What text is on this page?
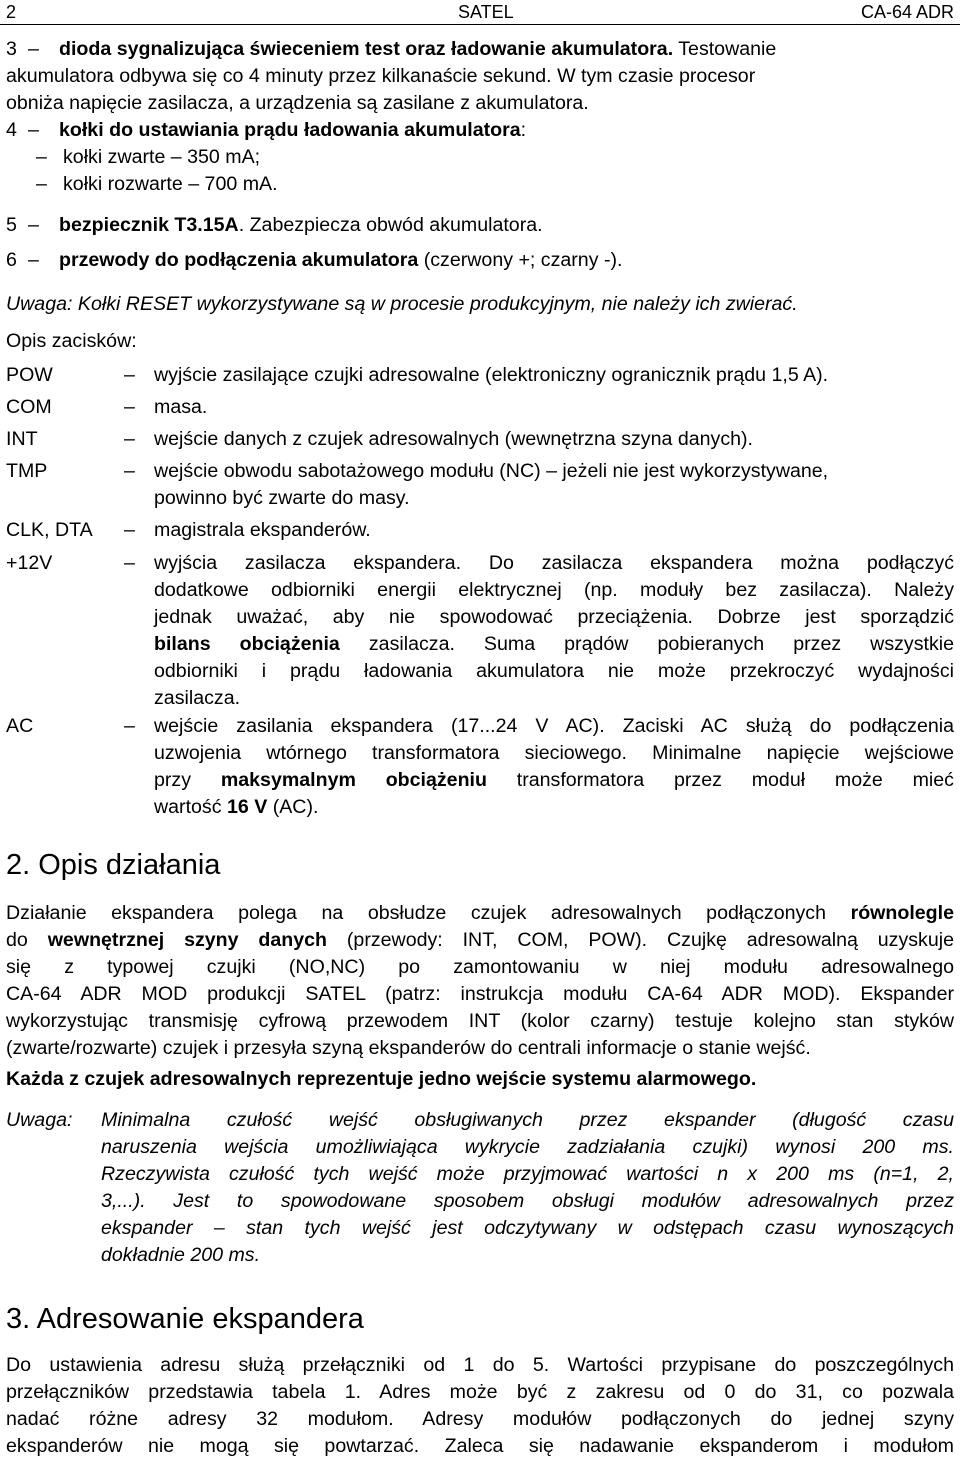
2	SATEL	CA-64 ADR
3 – dioda sygnalizująca świeceniem test oraz ładowanie akumulatora. Testowanie
akumulatora odbywa się co 4 minuty przez kilkanaście sekund. W tym czasie procesor
obniża napięcie zasilacza, a urządzenia są zasilane z akumulatora.
4 – kołki do ustawiania prądu ładowania akumulatora:
– kołki zwarte – 350 mA;
– kołki rozwarte – 700 mA.
5 – bezpiecznik T3.15A. Zabezpiecza obwód akumulatora.
6 – przewody do podłączenia akumulatora (czerwony +; czarny -).
Uwaga: Kołki RESET wykorzystywane są w procesie produkcyjnym, nie należy ich zwierać.
Opis zacisków:
POW	– wyjście zasilające czujki adresowalne (elektroniczny ogranicznik prądu 1,5 A).
COM	– masa.
INT	– wejście danych z czujek adresowalnych (wewnętrzna szyna danych).
TMP	– wejście obwodu sabotażowego modułu (NC) – jeżeli nie jest wykorzystywane,
powinno być zwarte do masy.
CLK, DTA	– magistrala ekspanderów.
+12V	– wyjścia zasilacza ekspandera. Do zasilacza ekspandera można podłączyć
dodatkowe odbiorniki energii elektrycznej (np. moduły bez zasilacza). Należy
jednak uważać, aby nie spowodować przeciążenia. Dobrze jest sporządzić
bilans obciążenia zasilacza. Suma prądów pobieranych przez wszystkie
odbiorniki i prądu ładowania akumulatora nie może przekroczyć wydajności
zasilacza.
AC	– wejście zasilania ekspandera (17...24 V AC). Zaciski AC służą do podłączenia
uzwojenia wtórnego transformatora sieciowego. Minimalne napięcie wejściowe
przy maksymalnym obciążeniu transformatora przez moduł może mieć
wartość 16 V (AC).
2. Opis działania
Działanie ekspandera polega na obsłudze czujek adresowalnych podłączonych równolegle
do wewnętrznej szyny danych (przewody: INT, COM, POW). Czujkę adresowalną uzyskuje
się z typowej czujki (NO,NC) po zamontowaniu w niej modułu adresowalnego
CA-64 ADR MOD produkcji SATEL (patrz: instrukcja modułu CA-64 ADR MOD). Ekspander
wykorzystując transmisję cyfrową przewodem INT (kolor czarny) testuje kolejno stan styków
(zwarte/rozwarte) czujek i przesyła szyną ekspanderów do centrali informacje o stanie wejść.
Każda z czujek adresowalnych reprezentuje jedno wejście systemu alarmowego.
Uwaga: Minimalna czułość wejść obsługiwanych przez ekspander (długość czasu
naruszenia wejścia umożliwiająca wykrycie zadziałania czujki) wynosi 200 ms.
Rzeczywista czułość tych wejść może przyjmować wartości n x 200 ms (n=1, 2,
3,...). Jest to spowodowane sposobem obsługi modułów adresowalnych przez
ekspander – stan tych wejść jest odczytywany w odstępach czasu wynoszących
dokładnie 200 ms.
3. Adresowanie ekspandera
Do ustawienia adresu służą przełączniki od 1 do 5. Wartości przypisane do poszczególnych
przełączników przedstawia tabela 1. Adres może być z zakresu od 0 do 31, co pozwala
nadać różne adresy 32 modułom. Adresy modułów podłączonych do jednej szyny
ekspanderów nie mogą się powtarzać. Zaleca się nadawanie ekspanderom i modułom
